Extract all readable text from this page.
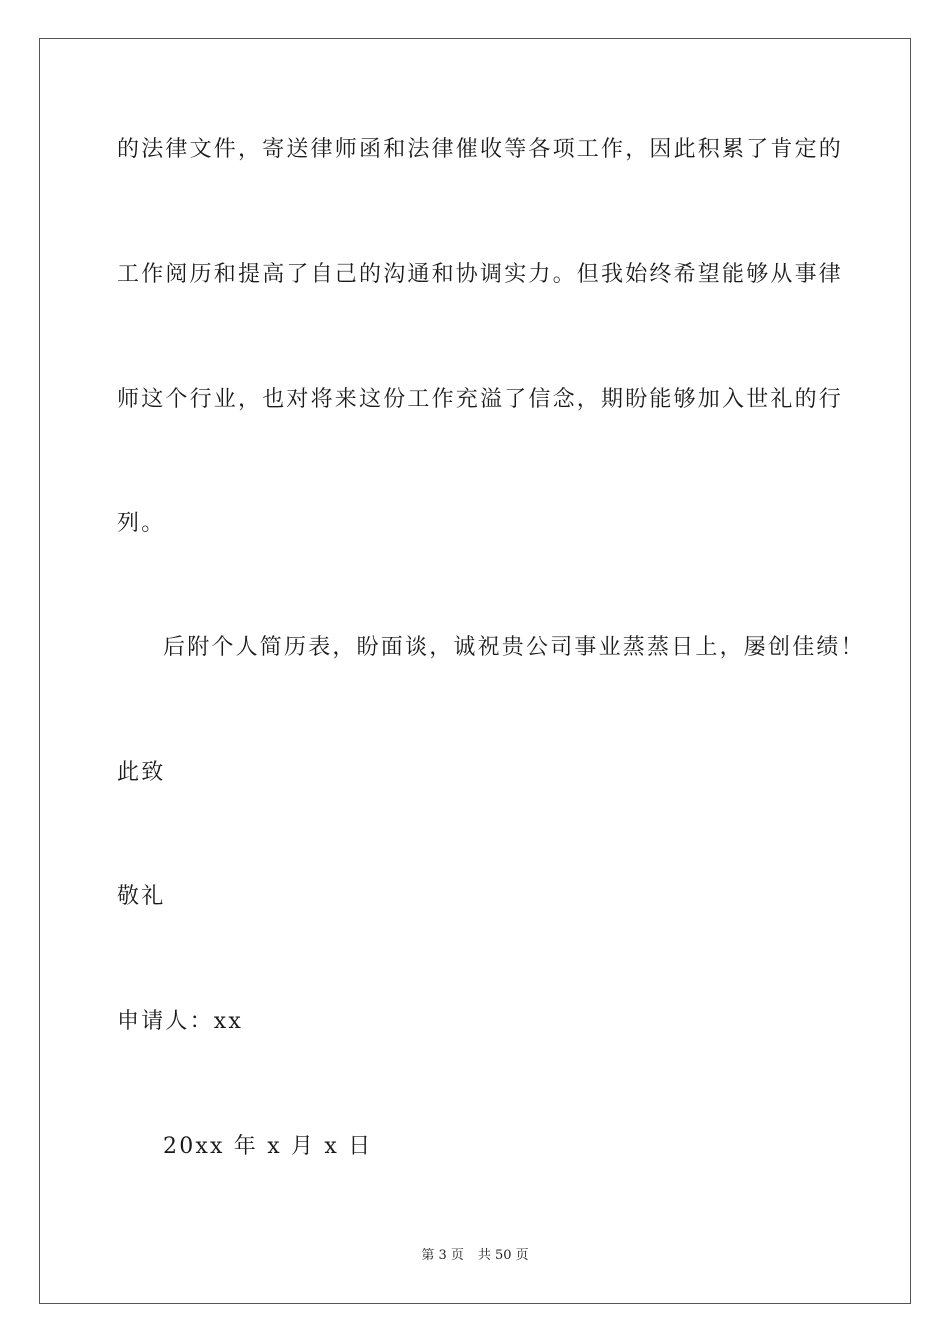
的法律文件，寄送律师函和法律催收等各项工作，因此积累了肯定的
工作阅历和提高了自己的沟通和协调实力。但我始终希望能够从事律
师这个行业，也对将来这份工作充溢了信念，期盼能够加入世礼的行
列。
后附个人简历表，盼面谈，诚祝贵公司事业蒸蒸日上，屡创佳绩！
此致
敬礼
申请人：xx
20xx 年 x 月 x 日
第 3 页 共 50 页
